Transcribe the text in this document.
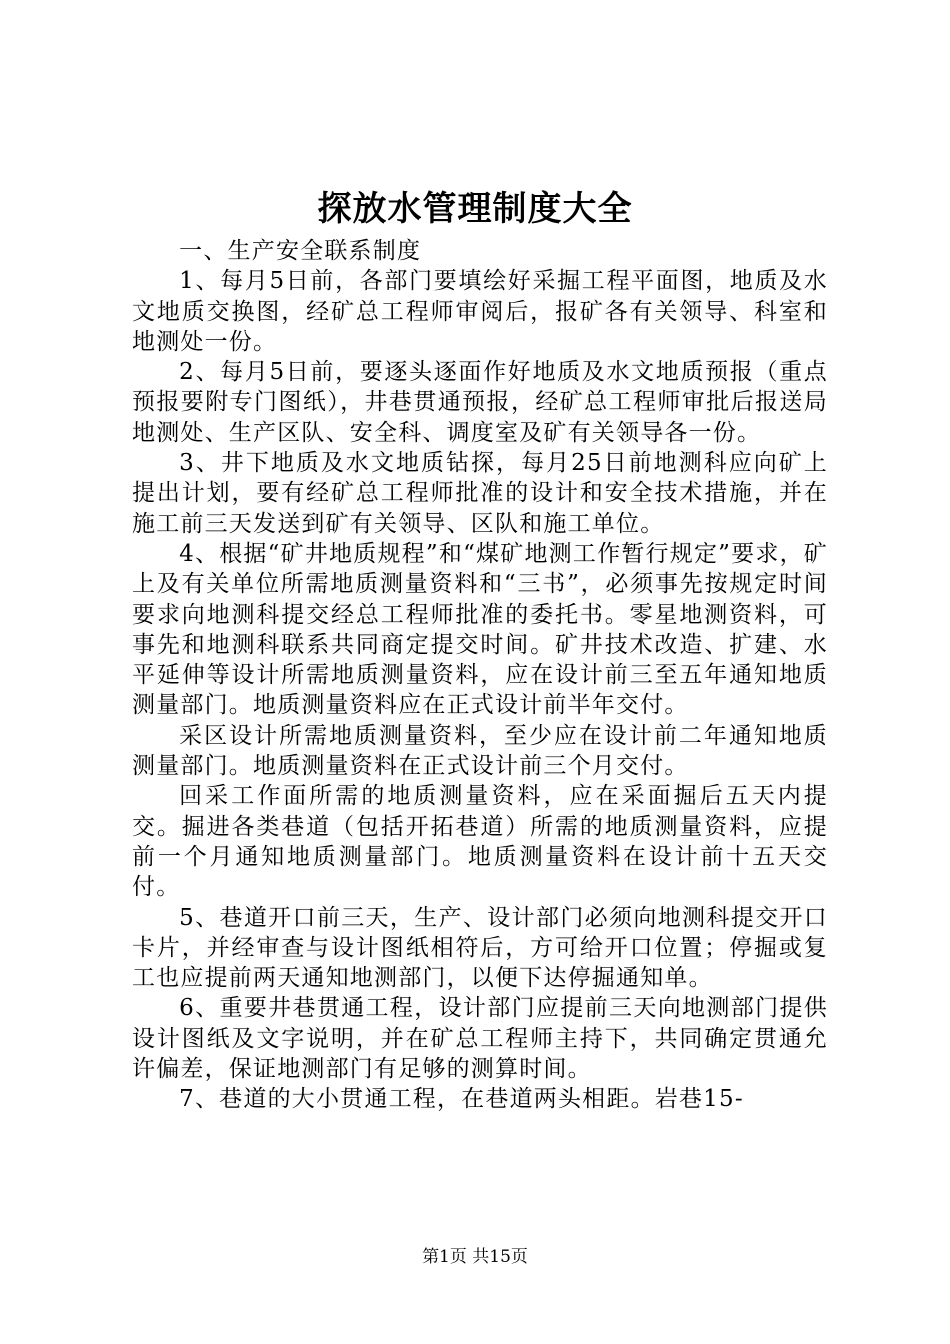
探放水管理制度大全

一、生产安全联系制度

1、每月5日前，各部门要填绘好采掘工程平面图，地质及水文地质交换图，经矿总工程师审阅后，报矿各有关领导、科室和地测处一份。

2、每月5日前，要逐头逐面作好地质及水文地质预报（重点预报要附专门图纸），井巷贯通预报，经矿总工程师审批后报送局地测处、生产区队、安全科、调度室及矿有关领导各一份。

3、井下地质及水文地质钻探，每月25日前地测科应向矿上提出计划，要有经矿总工程师批准的设计和安全技术措施，并在施工前三天发送到矿有关领导、区队和施工单位。

4、根据“矿井地质规程”和“煤矿地测工作暂行规定”要求，矿上及有关单位所需地质测量资料和“三书”，必须事先按规定时间要求向地测科提交经总工程师批准的委托书。零星地测资料，可事先和地测科联系共同商定提交时间。矿井技术改造、扩建、水平延伸等设计所需地质测量资料，应在设计前三至五年通知地质测量部门。地质测量资料应在正式设计前半年交付。

采区设计所需地质测量资料，至少应在设计前二年通知地质测量部门。地质测量资料在正式设计前三个月交付。

回采工作面所需的地质测量资料，应在采面掘后五天内提交。掘进各类巷道（包括开拓巷道）所需的地质测量资料，应提前一个月通知地质测量部门。地质测量资料在设计前十五天交付。

5、巷道开口前三天，生产、设计部门必须向地测科提交开口卡片，并经审查与设计图纸相符后，方可给开口位置；停掘或复工也应提前两天通知地测部门，以便下达停掘通知单。

6、重要井巷贯通工程，设计部门应提前三天向地测部门提供设计图纸及文字说明，并在矿总工程师主持下，共同确定贯通允许偏差，保证地测部门有足够的测算时间。

7、巷道的大小贯通工程，在巷道两头相距。岩巷15-

第1页 共15页
